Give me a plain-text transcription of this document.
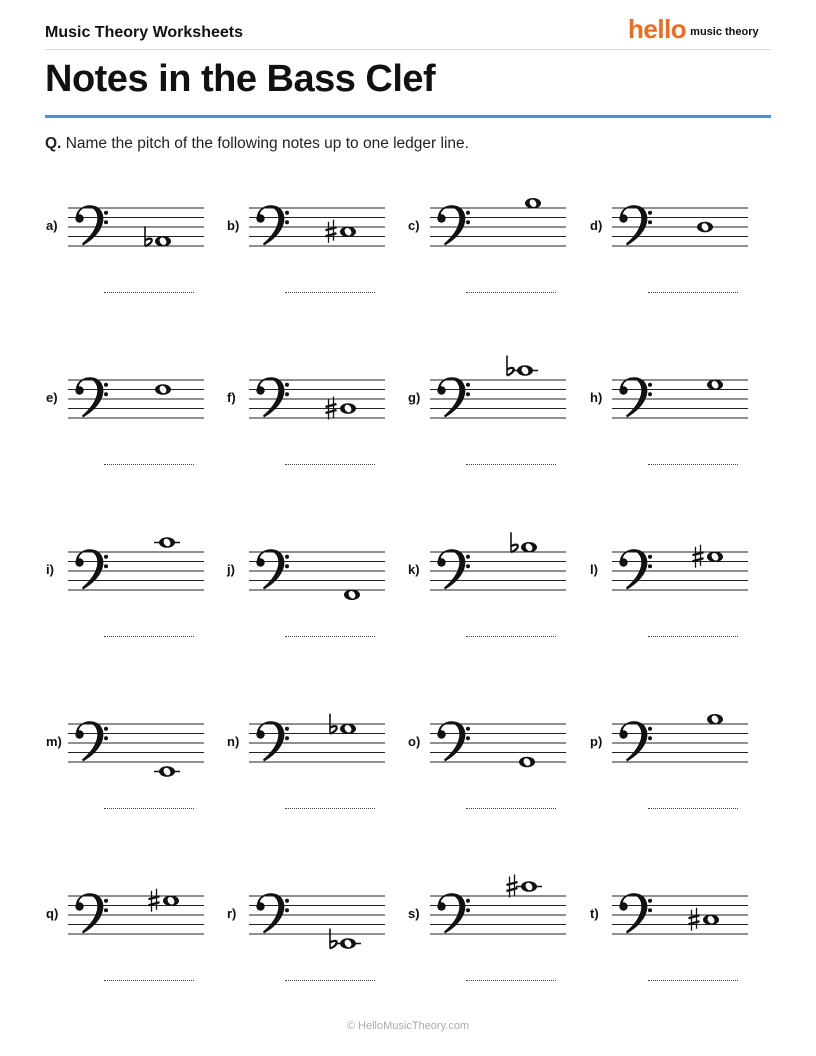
Music Theory Worksheets	hello music theory
Notes in the Bass Clef
Q. Name the pitch of the following notes up to one ledger line.
a)	b)	c)	d)
e)	f)	g)	h)
i)	j)	k)	l)
m)	n)	o)	p)
q)	r)	s)	t)
© HelloMusicTheory.com
